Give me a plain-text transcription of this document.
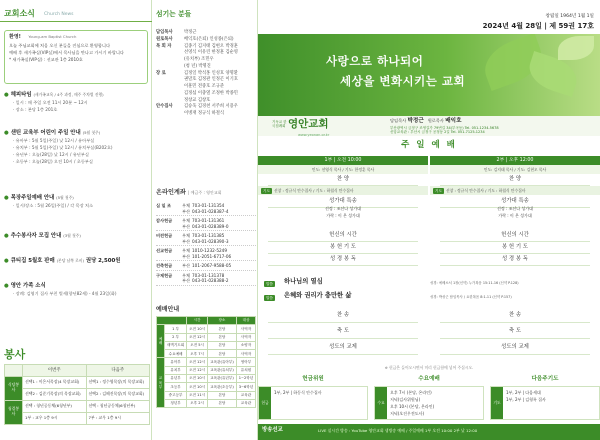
교회소식 Church News
환영! Young-am Baptist Church
오늘 주님교회에 처음 오신 분들을 진심으로 환영합니다
예배 후 새가족실(VIP실)에서 목사님을 만나고 가시기 바랍니다
* 새가족실(VIP실) : 선교관 1층 2010호
● 헤피타임 (새가족교육 / 4주 과정, 매주 주차별 진행)
· 일시 : 매 주일 오전 11시 20분 ~ 12시
· 장소 : 본당 1층 201호
● 샌틴 교육부 어린이 주일 안내 (5월 첫주)
· 유아부 : 5월 5일(주일) 낮 12시 / 유아부실
· 유치부 : 5월 5일(주일) 낮 12시 / 유치부실(B202호)
· 유년부 : 오늘(28일) 낮 12시 / 유년부실
· 초등부 : 오늘(28일) 오전 10시 / 초등부실
● 목장주일예배 안내 (5월 첫주)
· 일시/장소 : 5월 26일(주일) / 각 목장 처소
● 추수봉사자 모집 안내 (3월 첫주)
● 큐티집 5월호 판매 (본당 남쪽 로비) 권당 2,500원
● 영안 가족 소식
· 장례: 김영기 집사 부친 별세(향년82세) - 4월 23일(화)
봉사
	이번주	다음주
식당봉사	선택1 : 이은서목장(4 목장교회)	선택1 : 정수영목장(의 목장교회)
	선택2 : 김준기목장(의 목장교회)	선택2 : 김해진목장(의 목장교회)
청결봉사	선택 : 청년공동체(6청년부)	선택 : 청년공동체(6청년부)
	1부 : 교우 1층 9시	7부 : 교우 1층 9시
섬기는 분들
담임목사	박정근
원로목사	배익호(은퇴) 인성종(은퇴)
목 회 자	김종기 김지태 김현오 박경훈
선영식 이유린 한정훈 김순영
(유치부) 조민우
(청 년) 박명진
장 로	김정일 박석홍 인성호 양명환
권말호 김정관 인정곤 이기호
이훈민 전중호 조규준
김정섭 이충열 조정한 박종민
정창교 김창호
안수집사	김승욱 김경천 서주희 서용우
이병재 정규식 하철식
온라인계좌 | 예금주 : 영안교회
십 일 조	우체 703-01-131354
부산 043-01-028387-4
감사헌금	우체 703-01-131361
부산 043-01-028389-0
비전헌금	우체 703-01-131385
부산 043-01-028390-3
선교헌금	우체 1010-1232-5249
부산 101-2051-6717-06
건축헌금	부산 101-2067-9588-05
구제헌금	우체 703-01-131378
부산 043-01-028388-2
예배안내
		시간	장소	대상
예배	1 부	오전 10시	본당	사역자
	2 부	오전 12시	본당	사역자
	새벽기도회	오전 5시	본당	소양자
	수요예배	오후 7시	본당	사역자
교육부	유아부	오전 12시	교육관(유아부)	영아부
	유치부	오전 12시	교육관(유치부)	유치원
	유년부	오전 10시	교육관(유년부)	1~2학년
	초등부	오전 10시	교육관(초등부)	3~6학년
	중고등부	오전 11시	본당	교육관
	청년부	오후 2시	본당	교육관
창립일 1964년 1월 1일
2024년 4월 28일 | 제 59권 17호
사랑으로 하나되어
세상을 변화시키는 교회
기독교 한국침례회 영안교회
www.yeonan.or.kr
담임목사 박정근 원로목사 배익호
부산광역시 금정구 조영길가 79번길 34(부곡동) Tel. 051-1234-5678
신앙교육관 : 부산시 금정구 공정동 2길 Tel. 051-7125-1234
주 일 예 배
1부 | 오전 10:00
인도: 선영식 목사 / 기도: 한정훈 목사
2부 | 오후 12:00
인도: 김지태 목사 / 기도: 김현오 목사
찬 양
성가대 특송
헌신의 시간
봉 헌 기 도
성 경 봉 독
선정 : 조선나 성가대
가락 : 이 온 성가대
찬 양
성가대 특송
헌신의 시간
봉 헌 기 도
성 경 봉 독
선정 : 조선나 성가대
가락 : 이 온 성가대
기도 선창 : 정규식 안수집사 / 기도 : 하철식 안수집사	기도 선창 : 정규식 안수집사 / 기도 : 하철식 안수집사
말씀	하나님의 열심	성경: 에베소서 1장(신약) 누가복음 15:11-16 (신약 P.128)
말씀	은혜와 권리가 충만한 삶	성경: 박성근 담임목사 / 요한복음 8:1-11 (신약 P.157)
찬 송	찬 송
축 도	축 도
성도의 교제	성도의 교제
※ 헌금은 들어오시면서 미리 헌금함에 넣어 주십시오.
헌금위원
헌금
1부, 2부 | 하동식 안수집사
수요예배
수요
오후 7시 (본당, 온라인)
저녁(김사위원님)
오후 10시 (본당, 온라인)
저녁(오진우전도사)
다음주기도
기도
1부, 2부 | 다음세대
1부, 2부 | 김형록 집사
방송선교	LIVE 실시간 방송 : YouTube 영안교회 생방송 예배 / 주일예배 1부 오전 10:00 2부 낮 12:00
